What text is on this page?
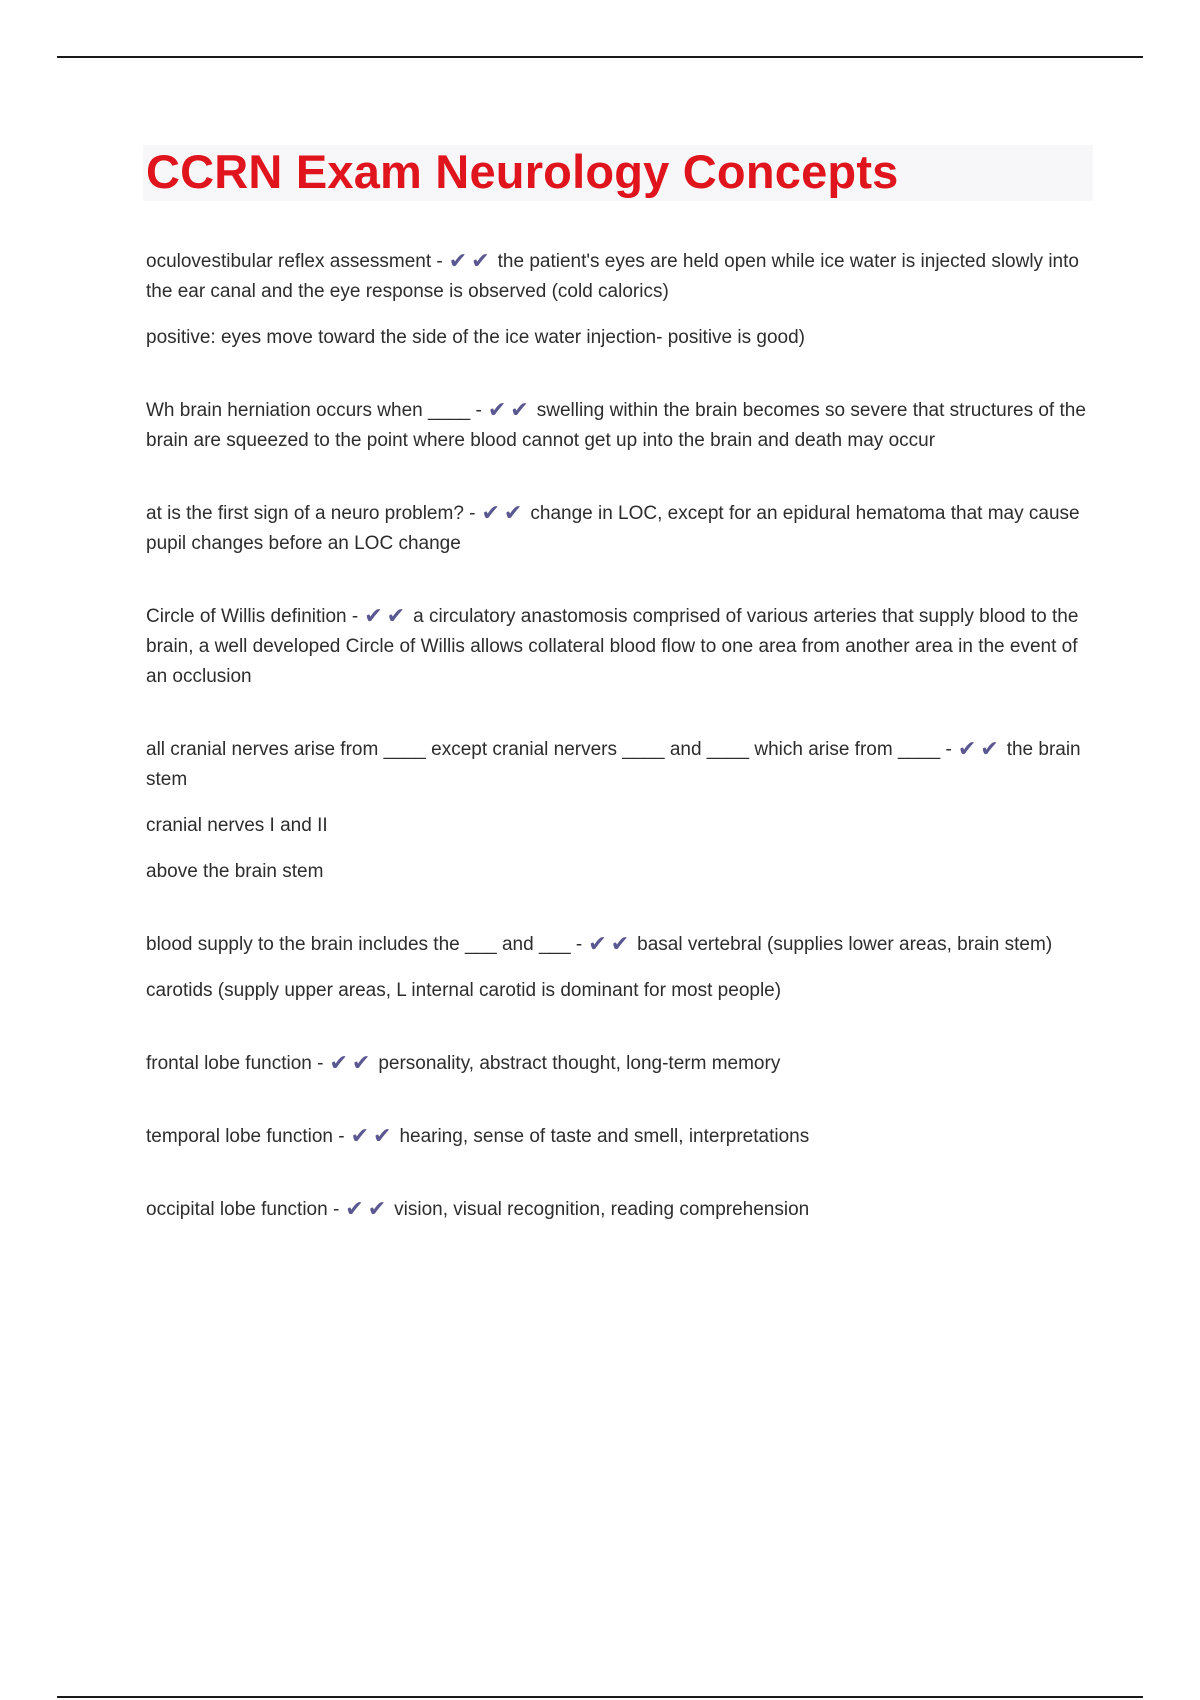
CCRN Exam Neurology Concepts

oculovestibular reflex assessment - ✔✔ the patient's eyes are held open while ice water is injected slowly into the ear canal and the eye response is observed (cold calorics)

positive: eyes move toward the side of the ice water injection- positive is good)

Wh brain herniation occurs when ____ - ✔✔ swelling within the brain becomes so severe that structures of the brain are squeezed to the point where blood cannot get up into the brain and death may occur

at is the first sign of a neuro problem? - ✔✔ change in LOC, except for an epidural hematoma that may cause pupil changes before an LOC change

Circle of Willis definition - ✔✔ a circulatory anastomosis comprised of various arteries that supply blood to the brain, a well developed Circle of Willis allows collateral blood flow to one area from another area in the event of an occlusion

all cranial nerves arise from ____ except cranial nervers ____ and ____ which arise from ____ - ✔✔ the brain stem

cranial nerves I and II

above the brain stem

blood supply to the brain includes the ___ and ___ - ✔✔ basal vertebral (supplies lower areas, brain stem)

carotids (supply upper areas, L internal carotid is dominant for most people)

frontal lobe function - ✔✔ personality, abstract thought, long-term memory

temporal lobe function - ✔✔ hearing, sense of taste and smell, interpretations

occipital lobe function - ✔✔ vision, visual recognition, reading comprehension
